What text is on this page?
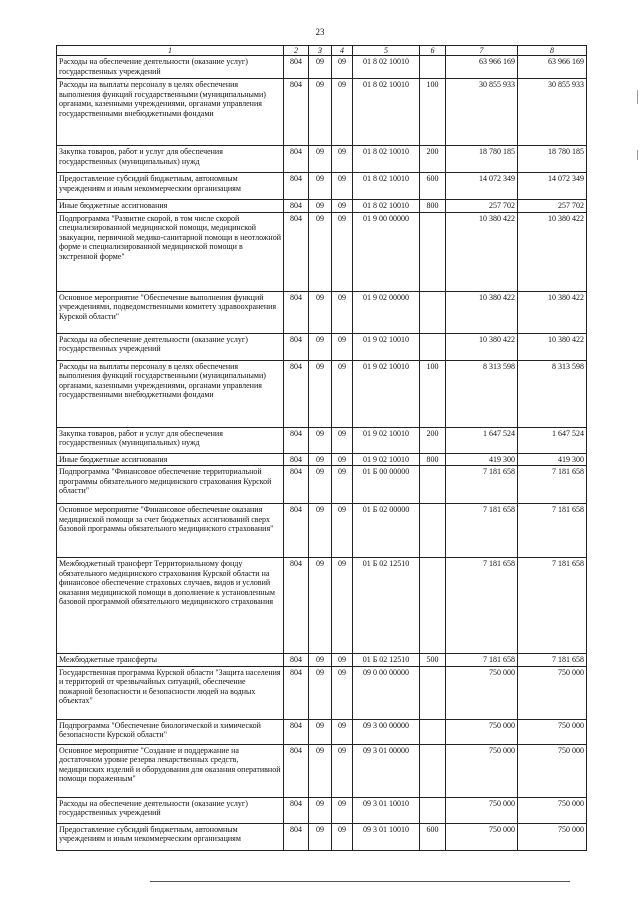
23
1	2	3	4	5	6	7	8
Расходы на обеспечение деятельности (оказание услуг) государственных учреждений	804	09	09	01 8 02 10010		63 966 169	63 966 169
Расходы на выплаты персоналу в целях обеспечения выполнения функций государственными (муниципальными) органами, казенными учреждениями, органами управления государственными внебюджетными фондами	804	09	09	01 8 02 10010	100	30 855 933	30 855 933
Закупка товаров, работ и услуг для обеспечения государственных (муниципальных) нужд	804	09	09	01 8 02 10010	200	18 780 185	18 780 185
Предоставление субсидий бюджетным, автономным учреждениям и иным некоммерческим организациям	804	09	09	01 8 02 10010	600	14 072 349	14 072 349
Иные бюджетные ассигнования	804	09	09	01 8 02 10010	800	257 702	257 702
Подпрограмма "Развитие скорой, в том числе скорой специализированной медицинской помощи, медицинской эвакуации, первичной медико-санитарной помощи в неотложной форме и специализированной медицинской помощи в экстренной форме"	804	09	09	01 9 00 00000		10 380 422	10 380 422
Основное мероприятие "Обеспечение выполнения функций учреждениями, подведомственными комитету здравоохранения Курской области"	804	09	09	01 9 02 00000		10 380 422	10 380 422
Расходы на обеспечение деятельности (оказание услуг) государственных учреждений	804	09	09	01 9 02 10010		10 380 422	10 380 422
Расходы на выплаты персоналу в целях обеспечения выполнения функций государственными (муниципальными) органами, казенными учреждениями, органами управления государственными внебюджетными фондами	804	09	09	01 9 02 10010	100	8 313 598	8 313 598
Закупка товаров, работ и услуг для обеспечения государственных (муниципальных) нужд	804	09	09	01 9 02 10010	200	1 647 524	1 647 524
Иные бюджетные ассигнования	804	09	09	01 9 02 10010	800	419 300	419 300
Подпрограмма "Финансовое обеспечение территориальной программы обязательного медицинского страхования Курской области"	804	09	09	01 Б 00 00000		7 181 658	7 181 658
Основное мероприятие "Финансовое обеспечение оказания медицинской помощи за счет бюджетных ассигнований сверх базовой программы обязательного медицинского страхования"	804	09	09	01 Б 02 00000		7 181 658	7 181 658
Межбюджетный трансферт Территориальному фонду обязательного медицинского страхования Курской области на финансовое обеспечение страховых случаев, видов и условий оказания медицинской помощи в дополнение к установленным базовой программой обязательного медицинского страхования	804	09	09	01 Б 02 12510		7 181 658	7 181 658
Межбюджетные трансферты	804	09	09	01 Б 02 12510	500	7 181 658	7 181 658
Государственная программа Курской области "Защита населения и территорий от чрезвычайных ситуаций, обеспечение пожарной безопасности и безопасности людей на водных объектах"	804	09	09	09 0 00 00000		750 000	750 000
Подпрограмма "Обеспечение биологической и химической безопасности Курской области"	804	09	09	09 3 00 00000		750 000	750 000
Основное мероприятие "Создание и поддержание на достаточном уровне резерва лекарственных средств, медицинских изделий и оборудования для оказания оперативной помощи пораженным"	804	09	09	09 3 01 00000		750 000	750 000
Расходы на обеспечение деятельности (оказание услуг) государственных учреждений	804	09	09	09 3 01 10010		750 000	750 000
Предоставление субсидий бюджетным, автономным учреждениям и иным некоммерческим организациям	804	09	09	09 3 01 10010	600	750 000	750 000
